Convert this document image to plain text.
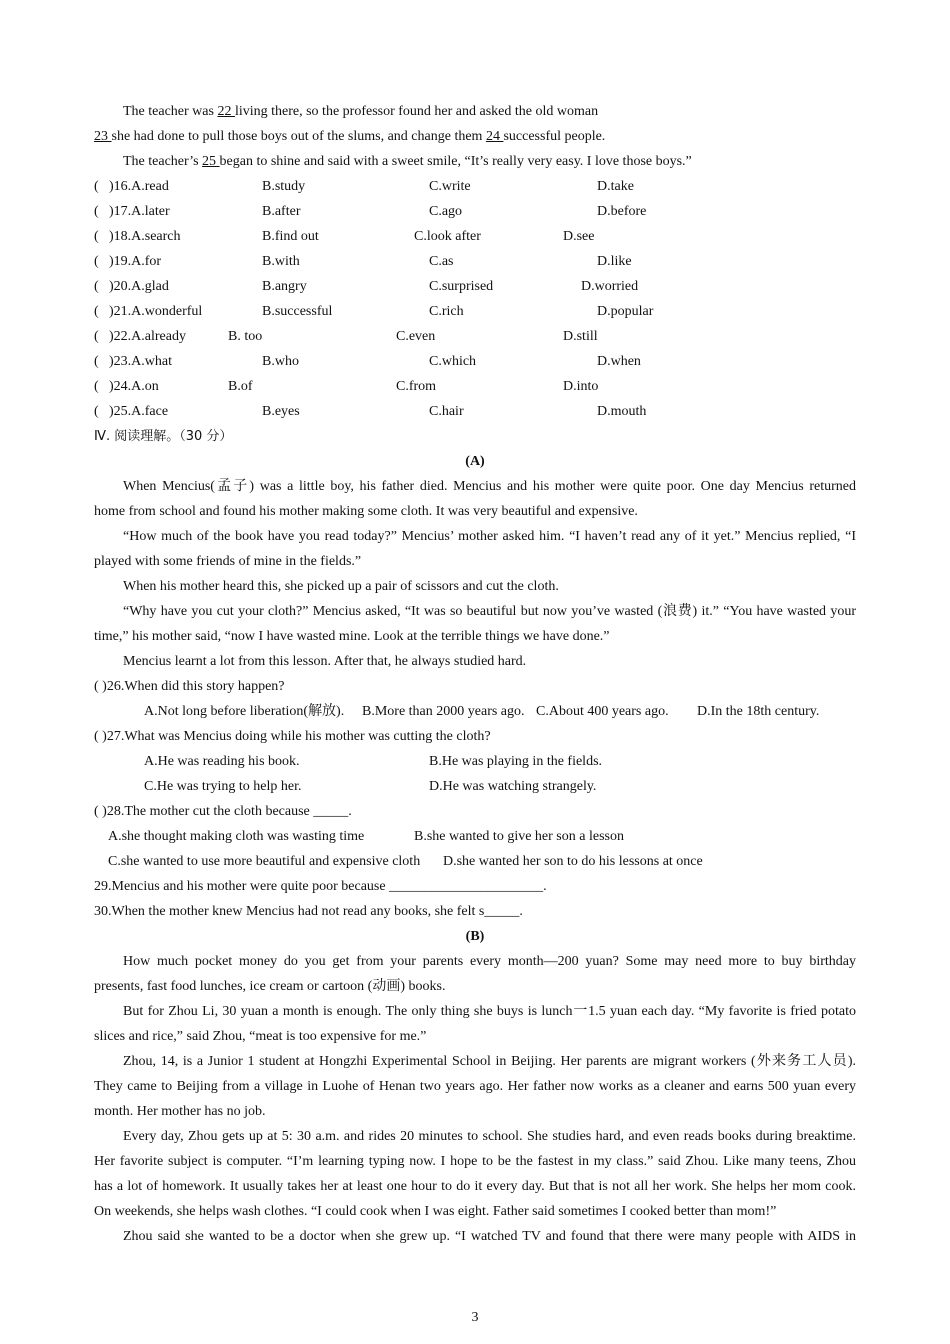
The teacher was 22 living there, so the professor found her and asked the old woman
23 she had done to pull those boys out of the slums, and change them 24 successful people.
The teacher’s 25 began to shine and said with a sweet smile, “It’s really very easy. I love those boys.”
( )16.A.read	B.study	C.write	D.take
( )17.A.later	B.after	C.ago	D.before
( )18.A.search	B.find out	C.look after	D.see
( )19.A.for	B.with	C.as	D.like
( )20.A.glad	B.angry	C.surprised	D.worried
( )21.A.wonderful	B.successful	C.rich	D.popular
( )22.A.already	B. too	C.even	D.still
( )23.A.what	B.who	C.which	D.when
( )24.A.on	B.of	C.from	D.into
( )25.A.face	B.eyes	C.hair	D.mouth
Ⅳ. 阅读理解。（30 分）
(A)
When Mencius(孟子) was a little boy, his father died. Mencius and his mother were quite poor. One day Mencius returned
home from school and found his mother making some cloth. It was very beautiful and expensive.
“How much of the book have you read today?” Mencius’ mother asked him. “I haven’t read any of it yet.” Mencius replied, “I
played with some friends of mine in the fields.”
When his mother heard this, she picked up a pair of scissors and cut the cloth.
“Why have you cut your cloth?” Mencius asked, “It was so beautiful but now you’ve wasted (浪费) it.” “You have wasted your
time,” his mother said, “now I have wasted mine. Look at the terrible things we have done.”
Mencius learnt a lot from this lesson. After that, he always studied hard.
( )26.When did this story happen?
A.Not long before liberation(解放). B.More than 2000 years ago. C.About 400 years ago. D.In the 18th century.
( )27.What was Mencius doing while his mother was cutting the cloth?
A.He was reading his book.	B.He was playing in the fields.
C.He was trying to help her.	D.He was watching strangely.
( )28.The mother cut the cloth because _____.
A.she thought making cloth was wasting time	B.she wanted to give her son a lesson
C.she wanted to use more beautiful and expensive cloth D.she wanted her son to do his lessons at once
29.Mencius and his mother were quite poor because ______________________.
30.When the mother knew Mencius had not read any books, she felt s_____.
(B)
How much pocket money do you get from your parents every month—200 yuan? Some may need more to buy birthday
presents, fast food lunches, ice cream or cartoon (动画) books.
But for Zhou Li, 30 yuan a month is enough. The only thing she buys is lunch一1.5 yuan each day. “My favorite is fried potato
slices and rice,” said Zhou, “meat is too expensive for me.”
Zhou, 14, is a Junior 1 student at Hongzhi Experimental School in Beijing. Her parents are migrant workers (外来务工人员).
They came to Beijing from a village in Luohe of Henan two years ago. Her father now works as a cleaner and earns 500 yuan every
month. Her mother has no job.
Every day, Zhou gets up at 5: 30 a.m. and rides 20 minutes to school. She studies hard, and even reads books during breaktime.
Her favorite subject is computer. “I’m learning typing now. I hope to be the fastest in my class.” said Zhou. Like many teens, Zhou
has a lot of homework. It usually takes her at least one hour to do it every day. But that is not all her work. She helps her mom cook.
On weekends, she helps wash clothes. “I could cook when I was eight. Father said sometimes I cooked better than mom!”
Zhou said she wanted to be a doctor when she grew up. “I watched TV and found that there were many people with AIDS in
3
